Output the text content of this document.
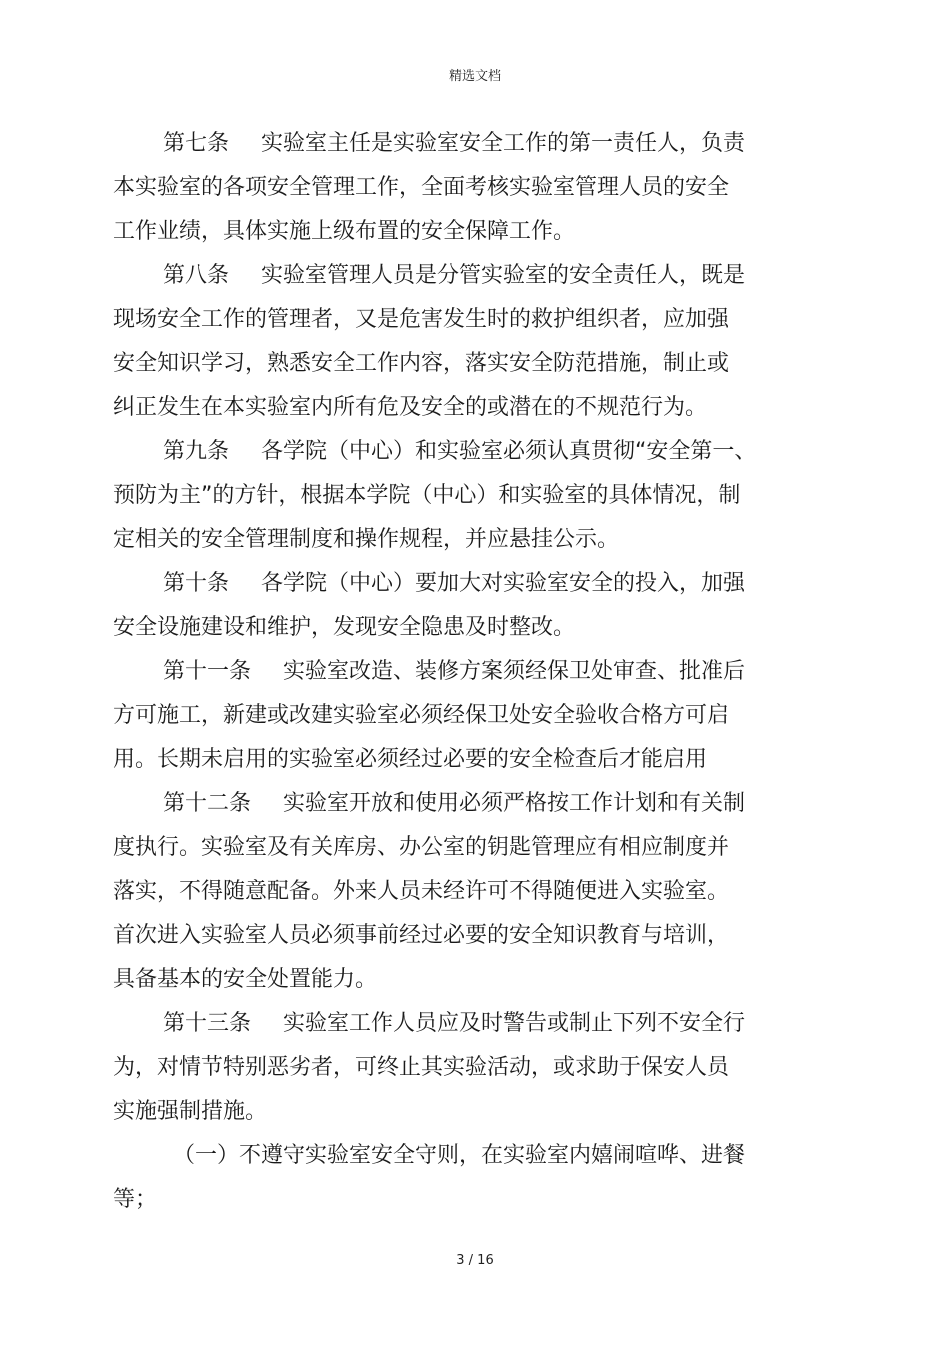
精选文档
第七条 实验室主任是实验室安全工作的第一责任人，负责
本实验室的各项安全管理工作，全面考核实验室管理人员的安全
工作业绩，具体实施上级布置的安全保障工作。
第八条 实验室管理人员是分管实验室的安全责任人，既是
现场安全工作的管理者，又是危害发生时的救护组织者，应加强
安全知识学习，熟悉安全工作内容，落实安全防范措施，制止或
纠正发生在本实验室内所有危及安全的或潜在的不规范行为。
第九条 各学院（中心）和实验室必须认真贯彻“安全第一、
预防为主”的方针，根据本学院（中心）和实验室的具体情况，制
定相关的安全管理制度和操作规程，并应悬挂公示。
第十条 各学院（中心）要加大对实验室安全的投入，加强
安全设施建设和维护，发现安全隐患及时整改。
第十一条 实验室改造、装修方案须经保卫处审查、批准后
方可施工，新建或改建实验室必须经保卫处安全验收合格方可启
用。长期未启用的实验室必须经过必要的安全检查后才能启用
第十二条 实验室开放和使用必须严格按工作计划和有关制
度执行。实验室及有关库房、办公室的钥匙管理应有相应制度并
落实，不得随意配备。外来人员未经许可不得随便进入实验室。
首次进入实验室人员必须事前经过必要的安全知识教育与培训，
具备基本的安全处置能力。
第十三条 实验室工作人员应及时警告或制止下列不安全行
为，对情节特别恶劣者，可终止其实验活动，或求助于保安人员
实施强制措施。
（一）不遵守实验室安全守则，在实验室内嬉闹喧哗、进餐
等；
3 / 16
